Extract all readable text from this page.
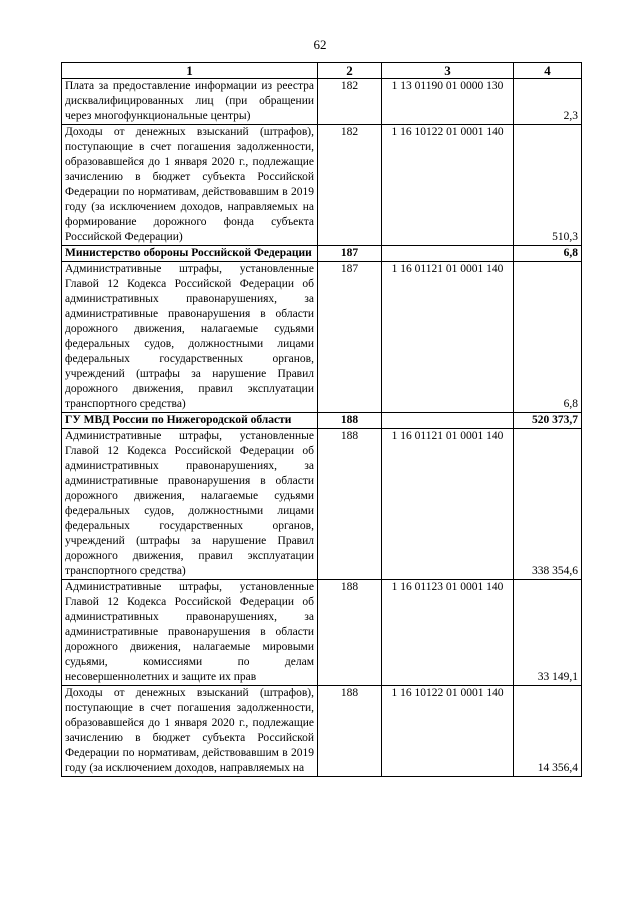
62
1	2	3	4
Плата за предоставление информации из реестра дисквалифицированных лиц (при обращении через многофункциональные центры)	182	1 13 01190 01 0000 130	2,3
Доходы от денежных взысканий (штрафов), поступающие в счет погашения задолженности, образовавшейся до 1 января 2020 г., подлежащие зачислению в бюджет субъекта Российской Федерации по нормативам, действовавшим в 2019 году (за исключением доходов, направляемых на формирование дорожного фонда субъекта Российской Федерации)	182	1 16 10122 01 0001 140	510,3
Министерство обороны Российской Федерации	187		6,8
Административные штрафы, установленные Главой 12 Кодекса Российской Федерации об административных правонарушениях, за административные правонарушения в области дорожного движения, налагаемые судьями федеральных судов, должностными лицами федеральных государственных органов, учреждений (штрафы за нарушение Правил дорожного движения, правил эксплуатации транспортного средства)	187	1 16 01121 01 0001 140	6,8
ГУ МВД России по Нижегородской области	188		520 373,7
Административные штрафы, установленные Главой 12 Кодекса Российской Федерации об административных правонарушениях, за административные правонарушения в области дорожного движения, налагаемые судьями федеральных судов, должностными лицами федеральных государственных органов, учреждений (штрафы за нарушение Правил дорожного движения, правил эксплуатации транспортного средства)	188	1 16 01121 01 0001 140	338 354,6
Административные штрафы, установленные Главой 12 Кодекса Российской Федерации об административных правонарушениях, за административные правонарушения в области дорожного движения, налагаемые мировыми судьями, комиссиями по делам несовершеннолетних и защите их прав	188	1 16 01123 01 0001 140	33 149,1
Доходы от денежных взысканий (штрафов), поступающие в счет погашения задолженности, образовавшейся до 1 января 2020 г., подлежащие зачислению в бюджет субъекта Российской Федерации по нормативам, действовавшим в 2019 году (за исключением доходов, направляемых на	188	1 16 10122 01 0001 140	14 356,4
